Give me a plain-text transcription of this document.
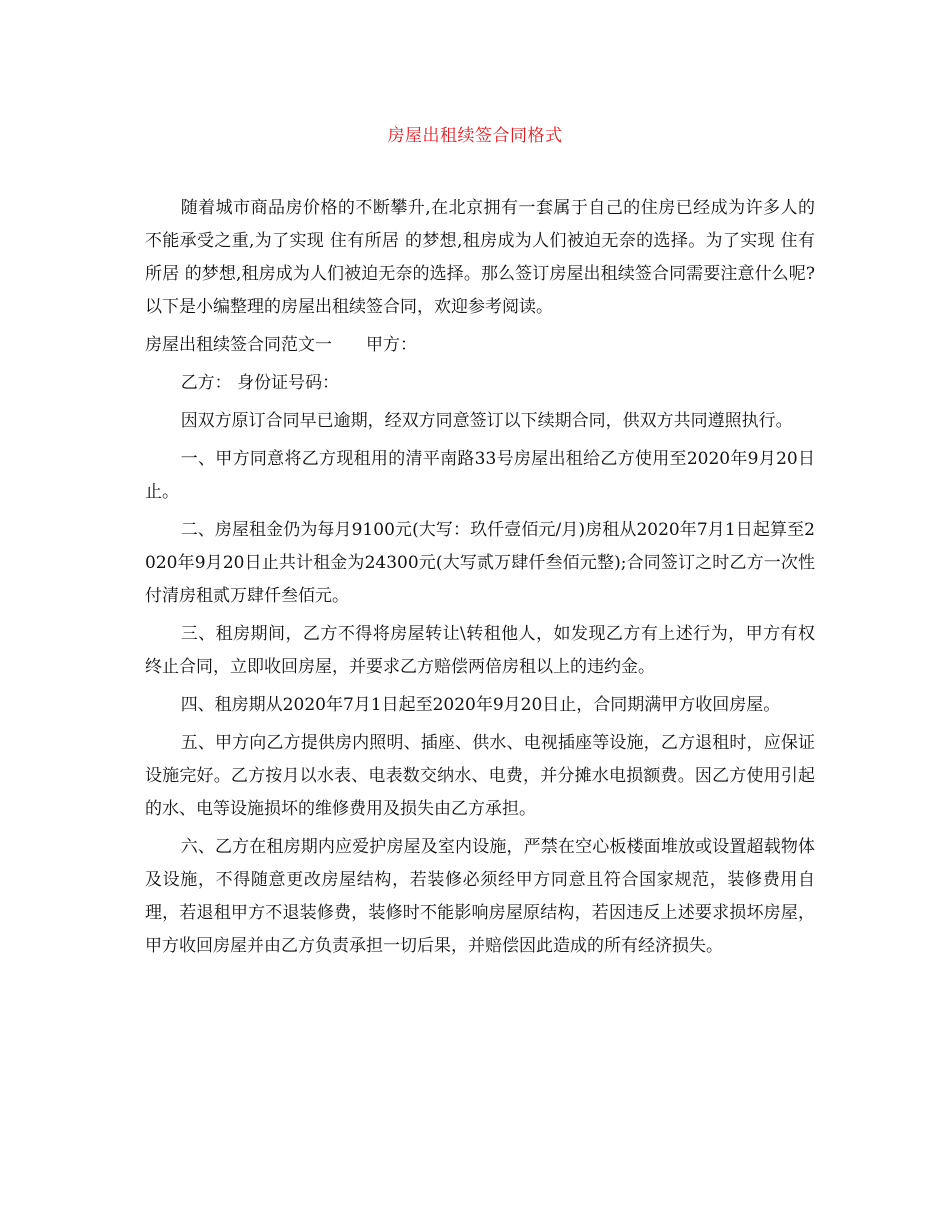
房屋出租续签合同格式

随着城市商品房价格的不断攀升,在北京拥有一套属于自己的住房已经成为许多人的不能承受之重,为了实现 住有所居 的梦想,租房成为人们被迫无奈的选择。为了实现 住有所居 的梦想,租房成为人们被迫无奈的选择。那么签订房屋出租续签合同需要注意什么呢?以下是小编整理的房屋出租续签合同，欢迎参考阅读。

房屋出租续签合同范文一 甲方：

乙方： 身份证号码：

因双方原订合同早已逾期，经双方同意签订以下续期合同，供双方共同遵照执行。

一、甲方同意将乙方现租用的清平南路33号房屋出租给乙方使用至2020年9月20日止。

二、房屋租金仍为每月9100元(大写：玖仟壹佰元/月)房租从2020年7月1日起算至2020年9月20日止共计租金为24300元(大写贰万肆仟叁佰元整);合同签订之时乙方一次性付清房租贰万肆仟叁佰元。

三、租房期间，乙方不得将房屋转让\转租他人，如发现乙方有上述行为，甲方有权终止合同，立即收回房屋，并要求乙方赔偿两倍房租以上的违约金。

四、租房期从2020年7月1日起至2020年9月20日止，合同期满甲方收回房屋。

五、甲方向乙方提供房内照明、插座、供水、电视插座等设施，乙方退租时，应保证设施完好。乙方按月以水表、电表数交纳水、电费，并分摊水电损额费。因乙方使用引起的水、电等设施损坏的维修费用及损失由乙方承担。

六、乙方在租房期内应爱护房屋及室内设施，严禁在空心板楼面堆放或设置超载物体及设施，不得随意更改房屋结构，若装修必须经甲方同意且符合国家规范，装修费用自理，若退租甲方不退装修费，装修时不能影响房屋原结构，若因违反上述要求损坏房屋，甲方收回房屋并由乙方负责承担一切后果，并赔偿因此造成的所有经济损失。
